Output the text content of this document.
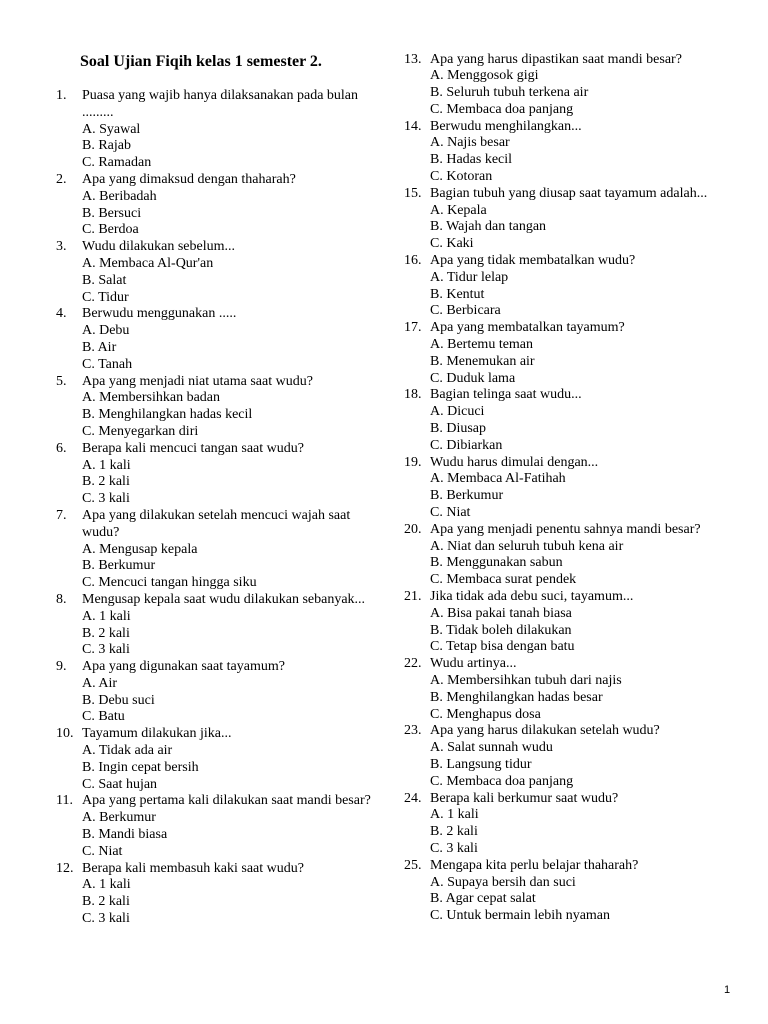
Soal Ujian Fiqih kelas 1 semester 2.
1. Puasa yang wajib hanya dilaksanakan pada bulan .........
A. Syawal
B. Rajab
C. Ramadan
2. Apa yang dimaksud dengan thaharah?
A. Beribadah
B. Bersuci
C. Berdoa
3. Wudu dilakukan sebelum...
A. Membaca Al-Qur'an
B. Salat
C. Tidur
4. Berwudu menggunakan .....
A. Debu
B. Air
C. Tanah
5. Apa yang menjadi niat utama saat wudu?
A. Membersihkan badan
B. Menghilangkan hadas kecil
C. Menyegarkan diri
6. Berapa kali mencuci tangan saat wudu?
A. 1 kali
B. 2 kali
C. 3 kali
7. Apa yang dilakukan setelah mencuci wajah saat wudu?
A. Mengusap kepala
B. Berkumur
C. Mencuci tangan hingga siku
8. Mengusap kepala saat wudu dilakukan sebanyak...
A. 1 kali
B. 2 kali
C. 3 kali
9. Apa yang digunakan saat tayamum?
A. Air
B. Debu suci
C. Batu
10. Tayamum dilakukan jika...
A. Tidak ada air
B. Ingin cepat bersih
C. Saat hujan
11. Apa yang pertama kali dilakukan saat mandi besar?
A. Berkumur
B. Mandi biasa
C. Niat
12. Berapa kali membasuh kaki saat wudu?
A. 1 kali
B. 2 kali
C. 3 kali
13. Apa yang harus dipastikan saat mandi besar?
A. Menggosok gigi
B. Seluruh tubuh terkena air
C. Membaca doa panjang
14. Berwudu menghilangkan...
A. Najis besar
B. Hadas kecil
C. Kotoran
15. Bagian tubuh yang diusap saat tayamum adalah...
A. Kepala
B. Wajah dan tangan
C. Kaki
16. Apa yang tidak membatalkan wudu?
A. Tidur lelap
B. Kentut
C. Berbicara
17. Apa yang membatalkan tayamum?
A. Bertemu teman
B. Menemukan air
C. Duduk lama
18. Bagian telinga saat wudu...
A. Dicuci
B. Diusap
C. Dibiarkan
19. Wudu harus dimulai dengan...
A. Membaca Al-Fatihah
B. Berkumur
C. Niat
20. Apa yang menjadi penentu sahnya mandi besar?
A. Niat dan seluruh tubuh kena air
B. Menggunakan sabun
C. Membaca surat pendek
21. Jika tidak ada debu suci, tayamum...
A. Bisa pakai tanah biasa
B. Tidak boleh dilakukan
C. Tetap bisa dengan batu
22. Wudu artinya...
A. Membersihkan tubuh dari najis
B. Menghilangkan hadas besar
C. Menghapus dosa
23. Apa yang harus dilakukan setelah wudu?
A. Salat sunnah wudu
B. Langsung tidur
C. Membaca doa panjang
24. Berapa kali berkumur saat wudu?
A. 1 kali
B. 2 kali
C. 3 kali
25. Mengapa kita perlu belajar thaharah?
A. Supaya bersih dan suci
B. Agar cepat salat
C. Untuk bermain lebih nyaman
1
